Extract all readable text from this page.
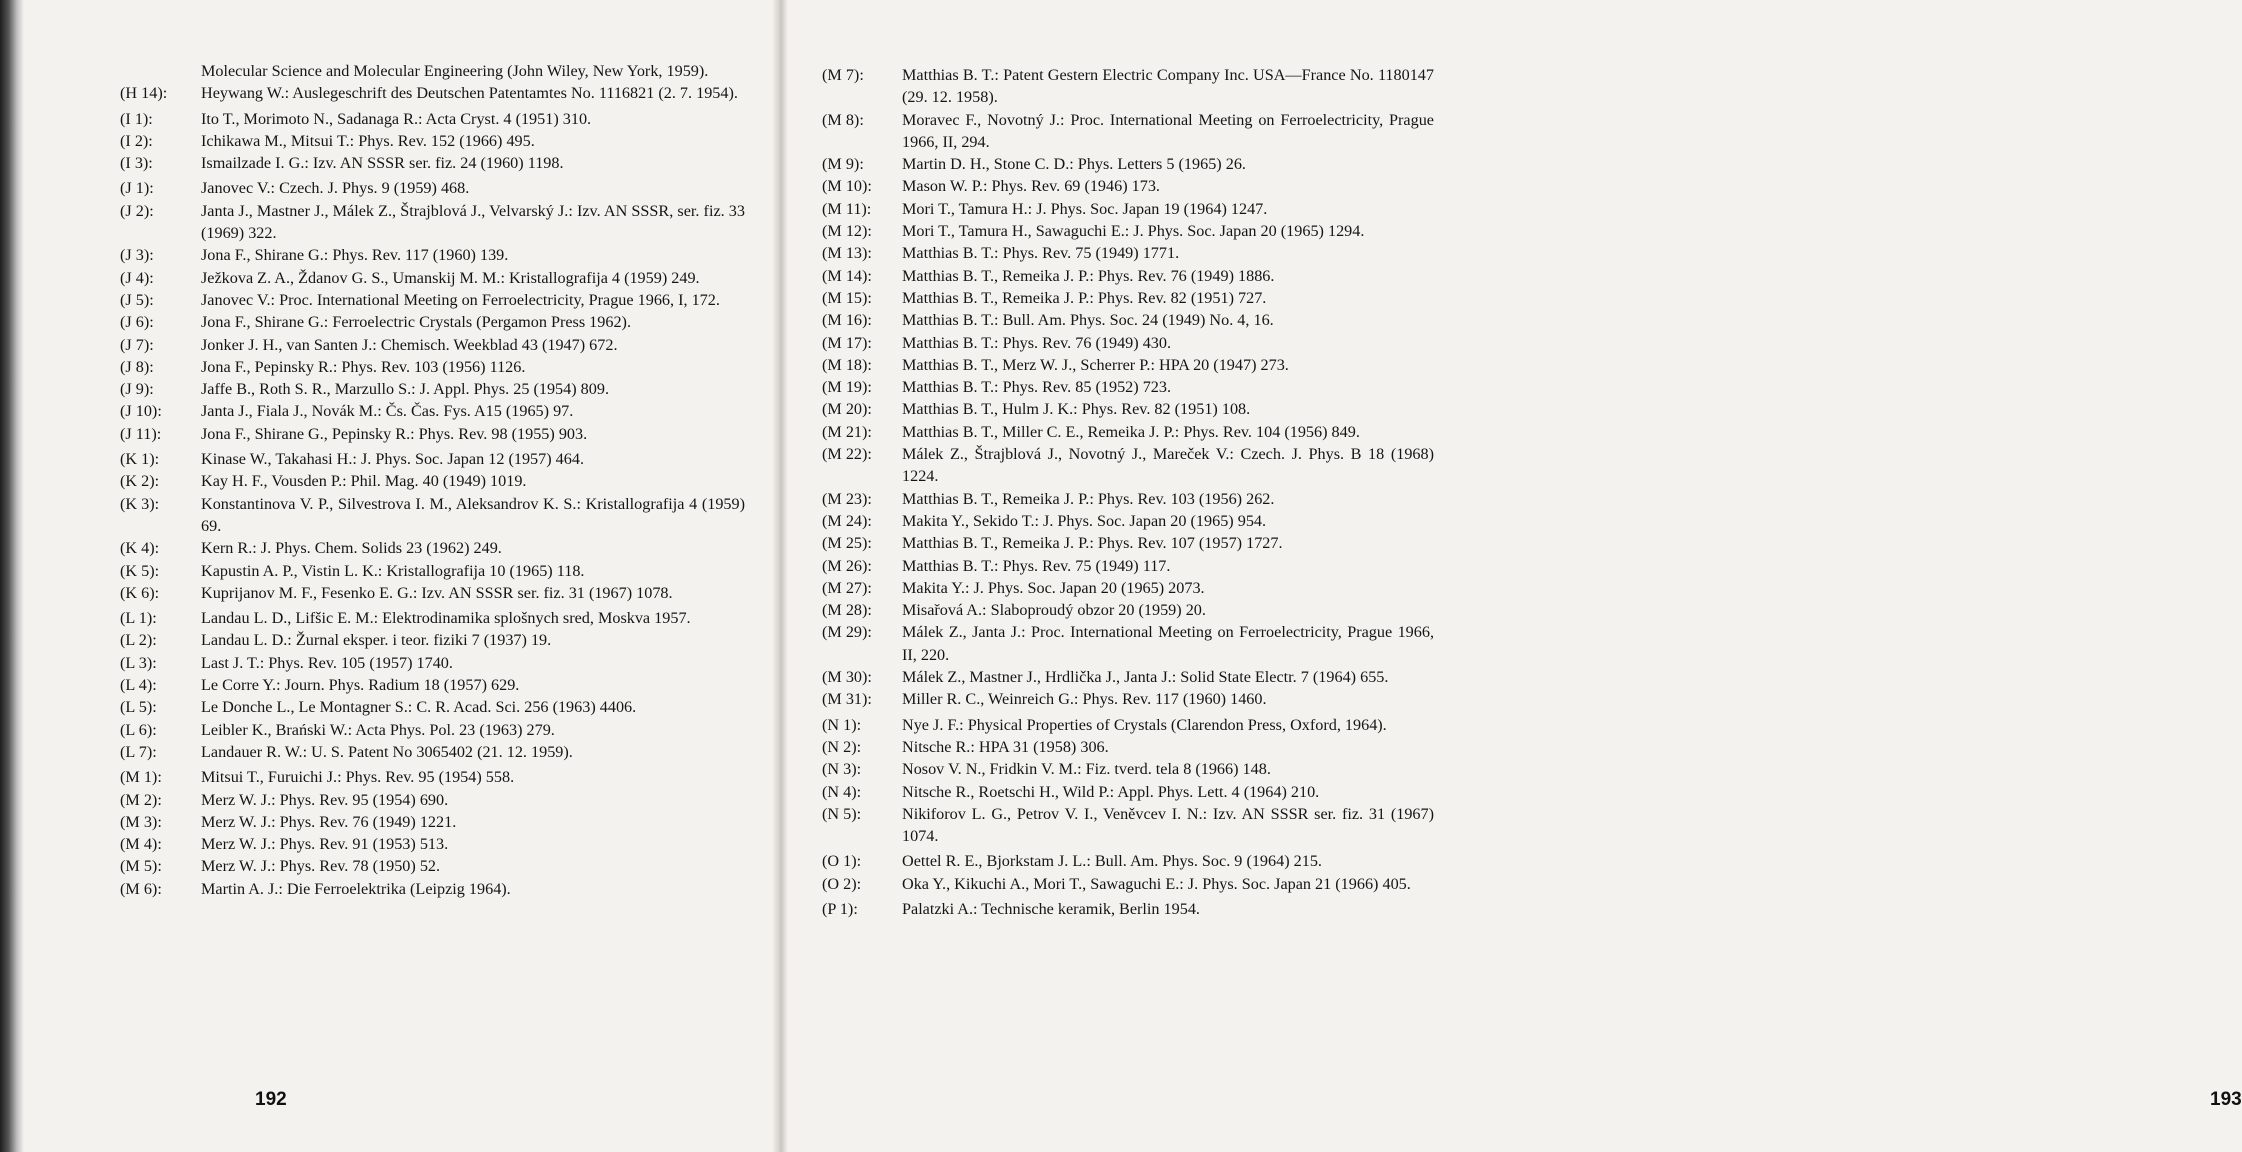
Molecular Science and Molecular Engineering (John Wiley, New York, 1959).
(H 14): Heywang W.: Auslegeschrift des Deutschen Patentamtes No. 1116821 (2. 7. 1954).
(I 1):	Ito T., Morimoto N., Sadanaga R.: Acta Cryst. 4 (1951) 310.
(I 2):	Ichikawa M., Mitsui T.: Phys. Rev. 152 (1966) 495.
(I 3):	Ismailzade I. G.: Izv. AN SSSR ser. fiz. 24 (1960) 1198.
(J 1):	Janovec V.: Czech. J. Phys. 9 (1959) 468.
(J 2):	Janta J., Mastner J., Málek Z., Štrajblová J., Velvarský J.: Izv. AN SSSR, ser. fiz. 33 (1969) 322.
(J 3):	Jona F., Shirane G.: Phys. Rev. 117 (1960) 139.
(J 4):	Ježkova Z. A., Ždanov G. S., Umanskij M. M.: Kristallografija 4 (1959) 249.
(J 5):	Janovec V.: Proc. International Meeting on Ferroelectricity, Prague 1966, I, 172.
(J 6):	Jona F., Shirane G.: Ferroelectric Crystals (Pergamon Press 1962).
(J 7):	Jonker J. H., van Santen J.: Chemisch. Weekblad 43 (1947) 672.
(J 8):	Jona F., Pepinsky R.: Phys. Rev. 103 (1956) 1126.
(J 9):	Jaffe B., Roth S. R., Marzullo S.: J. Appl. Phys. 25 (1954) 809.
(J 10): Janta J., Fiala J., Novák M.: Čs. Čas. Fys. A15 (1965) 97.
(J 11): Jona F., Shirane G., Pepinsky R.: Phys. Rev. 98 (1955) 903.
(K 1):	Kinase W., Takahasi H.: J. Phys. Soc. Japan 12 (1957) 464.
(K 2):	Kay H. F., Vousden P.: Phil. Mag. 40 (1949) 1019.
(K 3):	Konstantinova V. P., Silvestrova I. M., Aleksandrov K. S.: Kristallografija 4 (1959) 69.
(K 4):	Kern R.: J. Phys. Chem. Solids 23 (1962) 249.
(K 5):	Kapustin A. P., Vistin L. K.: Kristallografija 10 (1965) 118.
(K 6):	Kuprijanov M. F., Fesenko E. G.: Izv. AN SSSR ser. fiz. 31 (1967) 1078.
(L 1):	Landau L. D., Lifšic E. M.: Elektrodinamika splošnych sred, Moskva 1957.
(L 2):	Landau L. D.: Žurnal eksper. i teor. fiziki 7 (1937) 19.
(L 3):	Last J. T.: Phys. Rev. 105 (1957) 1740.
(L 4):	Le Corre Y.: Journ. Phys. Radium 18 (1957) 629.
(L 5):	Le Donche L., Le Montagner S.: C. R. Acad. Sci. 256 (1963) 4406.
(L 6):	Leibler K., Brański W.: Acta Phys. Pol. 23 (1963) 279.
(L 7):	Landauer R. W.: U. S. Patent No 3065402 (21. 12. 1959).
(M 1): Mitsui T., Furuichi J.: Phys. Rev. 95 (1954) 558.
(M 2): Merz W. J.: Phys. Rev. 95 (1954) 690.
(M 3): Merz W. J.: Phys. Rev. 76 (1949) 1221.
(M 4): Merz W. J.: Phys. Rev. 91 (1953) 513.
(M 5): Merz W. J.: Phys. Rev. 78 (1950) 52.
(M 6): Martin A. J.: Die Ferroelektrika (Leipzig 1964).
192
(M 7): Matthias B. T.: Patent Gestern Electric Company Inc. USA—France No. 1180147 (29. 12. 1958).
(M 8): Moravec F., Novotný J.: Proc. International Meeting on Ferroelectricity, Prague 1966, II, 294.
(M 9): Martin D. H., Stone C. D.: Phys. Letters 5 (1965) 26.
(M 10): Mason W. P.: Phys. Rev. 69 (1946) 173.
(M 11): Mori T., Tamura H.: J. Phys. Soc. Japan 19 (1964) 1247.
(M 12): Mori T., Tamura H., Sawaguchi E.: J. Phys. Soc. Japan 20 (1965) 1294.
(M 13): Matthias B. T.: Phys. Rev. 75 (1949) 1771.
(M 14): Matthias B. T., Remeika J. P.: Phys. Rev. 76 (1949) 1886.
(M 15): Matthias B. T., Remeika J. P.: Phys. Rev. 82 (1951) 727.
(M 16): Matthias B. T.: Bull. Am. Phys. Soc. 24 (1949) No. 4, 16.
(M 17): Matthias B. T.: Phys. Rev. 76 (1949) 430.
(M 18): Matthias B. T., Merz W. J., Scherrer P.: HPA 20 (1947) 273.
(M 19): Matthias B. T.: Phys. Rev. 85 (1952) 723.
(M 20): Matthias B. T., Hulm J. K.: Phys. Rev. 82 (1951) 108.
(M 21): Matthias B. T., Miller C. E., Remeika J. P.: Phys. Rev. 104 (1956) 849.
(M 22): Málek Z., Štrajblová J., Novotný J., Mareček V.: Czech. J. Phys. B 18 (1968) 1224.
(M 23): Matthias B. T., Remeika J. P.: Phys. Rev. 103 (1956) 262.
(M 24): Makita Y., Sekido T.: J. Phys. Soc. Japan 20 (1965) 954.
(M 25): Matthias B. T., Remeika J. P.: Phys. Rev. 107 (1957) 1727.
(M 26): Matthias B. T.: Phys. Rev. 75 (1949) 117.
(M 27): Makita Y.: J. Phys. Soc. Japan 20 (1965) 2073.
(M 28): Misařová A.: Slaboproudý obzor 20 (1959) 20.
(M 29): Málek Z., Janta J.: Proc. International Meeting on Ferroelectricity, Prague 1966, II, 220.
(M 30): Málek Z., Mastner J., Hrdlička J., Janta J.: Solid State Electr. 7 (1964) 655.
(M 31): Miller R. C., Weinreich G.: Phys. Rev. 117 (1960) 1460.
(N 1):	Nye J. F.: Physical Properties of Crystals (Clarendon Press, Oxford, 1964).
(N 2):	Nitsche R.: HPA 31 (1958) 306.
(N 3):	Nosov V. N., Fridkin V. M.: Fiz. tverd. tela 8 (1966) 148.
(N 4):	Nitsche R., Roetschi H., Wild P.: Appl. Phys. Lett. 4 (1964) 210.
(N 5):	Nikiforov L. G., Petrov V. I., Veněvcev I. N.: Izv. AN SSSR ser. fiz. 31 (1967) 1074.
(O 1):	Oettel R. E., Bjorkstam J. L.: Bull. Am. Phys. Soc. 9 (1964) 215.
(O 2):	Oka Y., Kikuchi A., Mori T., Sawaguchi E.: J. Phys. Soc. Japan 21 (1966) 405.
(P 1):	Palatzki A.: Technische keramik, Berlin 1954.
193
